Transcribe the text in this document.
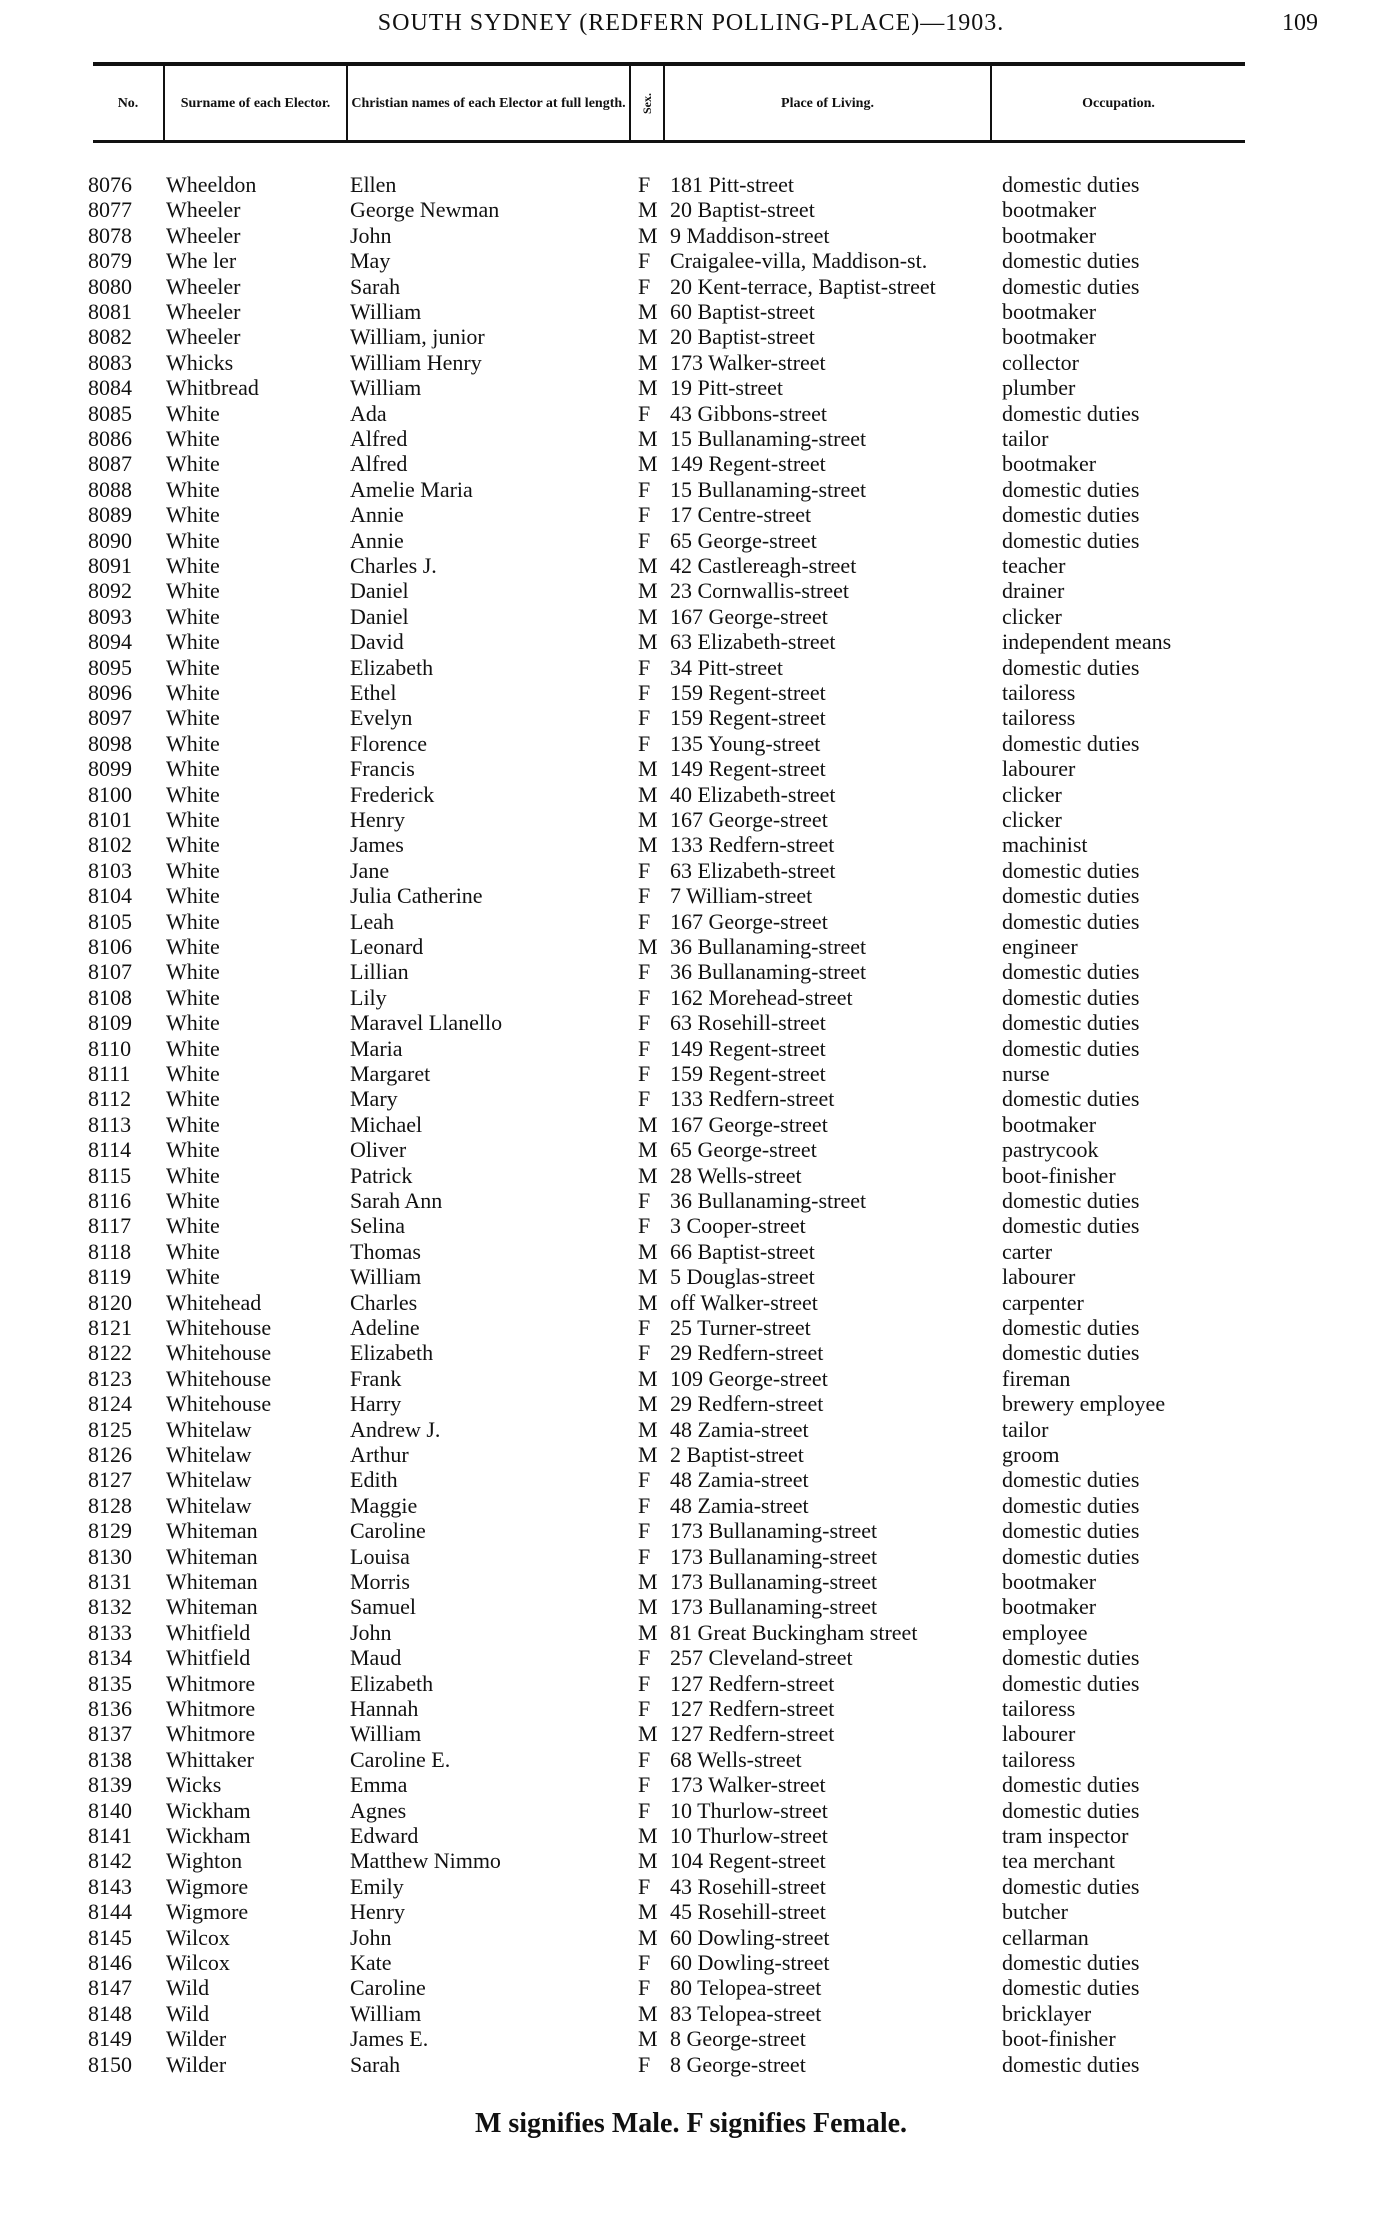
SOUTH SYDNEY (REDFERN POLLING-PLACE)—1903.	109
No.	Surname of each Elector.	Christian names of each Elector at full length.	Sex.	Place of Living.	Occupation.
8076	Wheeldon	Ellen	F 181 Pitt-street	domestic duties
8077	Wheeler	George Newman	M 20 Baptist-street	bootmaker
8078	Wheeler	John	M 9 Maddison-street	bootmaker
8079	Whe ler	May	F Craigalee-villa, Maddison-st.	domestic duties
8080	Wheeler	Sarah	F 20 Kent-terrace, Baptist-street	domestic duties
8081	Wheeler	William	M 60 Baptist-street	bootmaker
8082	Wheeler	William, junior	M 20 Baptist-street	bootmaker
8083	Whicks	William Henry	M 173 Walker-street	collector
8084	Whitbread	William	M 19 Pitt-street	plumber
8085	White	Ada	F 43 Gibbons-street	domestic duties
8086	White	Alfred	M 15 Bullanaming-street	tailor
8087	White	Alfred	M 149 Regent-street	bootmaker
8088	White	Amelie Maria	F 15 Bullanaming-street	domestic duties
8089	White	Annie	F 17 Centre-street	domestic duties
8090	White	Annie	F 65 George-street	domestic duties
8091	White	Charles J.	M 42 Castlereagh-street	teacher
8092	White	Daniel	M 23 Cornwallis-street	drainer
8093	White	Daniel	M 167 George-street	clicker
8094	White	David	M 63 Elizabeth-street	independent means
8095	White	Elizabeth	F 34 Pitt-street	domestic duties
8096	White	Ethel	F 159 Regent-street	tailoress
8097	White	Evelyn	F 159 Regent-street	tailoress
8098	White	Florence	F 135 Young-street	domestic duties
8099	White	Francis	M 149 Regent-street	labourer
8100	White	Frederick	M 40 Elizabeth-street	clicker
8101	White	Henry	M 167 George-street	clicker
8102	White	James	M 133 Redfern-street	machinist
8103	White	Jane	F 63 Elizabeth-street	domestic duties
8104	White	Julia Catherine	F 7 William-street	domestic duties
8105	White	Leah	F 167 George-street	domestic duties
8106	White	Leonard	M 36 Bullanaming-street	engineer
8107	White	Lillian	F 36 Bullanaming-street	domestic duties
8108	White	Lily	F 162 Morehead-street	domestic duties
8109	White	Maravel Llanello	F 63 Rosehill-street	domestic duties
8110	White	Maria	F 149 Regent-street	domestic duties
8111	White	Margaret	F 159 Regent-street	nurse
8112	White	Mary	F 133 Redfern-street	domestic duties
8113	White	Michael	M 167 George-street	bootmaker
8114	White	Oliver	M 65 George-street	pastrycook
8115	White	Patrick	M 28 Wells-street	boot-finisher
8116	White	Sarah Ann	F 36 Bullanaming-street	domestic duties
8117	White	Selina	F 3 Cooper-street	domestic duties
8118	White	Thomas	M 66 Baptist-street	carter
8119	White	William	M 5 Douglas-street	labourer
8120	Whitehead	Charles	M off Walker-street	carpenter
8121	Whitehouse	Adeline	F 25 Turner-street	domestic duties
8122	Whitehouse	Elizabeth	F 29 Redfern-street	domestic duties
8123	Whitehouse	Frank	M 109 George-street	fireman
8124	Whitehouse	Harry	M 29 Redfern-street	brewery employee
8125	Whitelaw	Andrew J.	M 48 Zamia-street	tailor
8126	Whitelaw	Arthur	M 2 Baptist-street	groom
8127	Whitelaw	Edith	F 48 Zamia-street	domestic duties
8128	Whitelaw	Maggie	F 48 Zamia-street	domestic duties
8129	Whiteman	Caroline	F 173 Bullanaming-street	domestic duties
8130	Whiteman	Louisa	F 173 Bullanaming-street	domestic duties
8131	Whiteman	Morris	M 173 Bullanaming-street	bootmaker
8132	Whiteman	Samuel	M 173 Bullanaming-street	bootmaker
8133	Whitfield	John	M 81 Great Buckingham street	employee
8134	Whitfield	Maud	F 257 Cleveland-street	domestic duties
8135	Whitmore	Elizabeth	F 127 Redfern-street	domestic duties
8136	Whitmore	Hannah	F 127 Redfern-street	tailoress
8137	Whitmore	William	M 127 Redfern-street	labourer
8138	Whittaker	Caroline E.	F 68 Wells-street	tailoress
8139	Wicks	Emma	F 173 Walker-street	domestic duties
8140	Wickham	Agnes	F 10 Thurlow-street	domestic duties
8141	Wickham	Edward	M 10 Thurlow-street	tram inspector
8142	Wighton	Matthew Nimmo	M 104 Regent-street	tea merchant
8143	Wigmore	Emily	F 43 Rosehill-street	domestic duties
8144	Wigmore	Henry	M 45 Rosehill-street	butcher
8145	Wilcox	John	M 60 Dowling-street	cellarman
8146	Wilcox	Kate	F 60 Dowling-street	domestic duties
8147	Wild	Caroline	F 80 Telopea-street	domestic duties
8148	Wild	William	M 83 Telopea-street	bricklayer
8149	Wilder	James E.	M 8 George-street	boot-finisher
8150	Wilder	Sarah	F 8 George-street	domestic duties
M signifies Male. F signifies Female.
